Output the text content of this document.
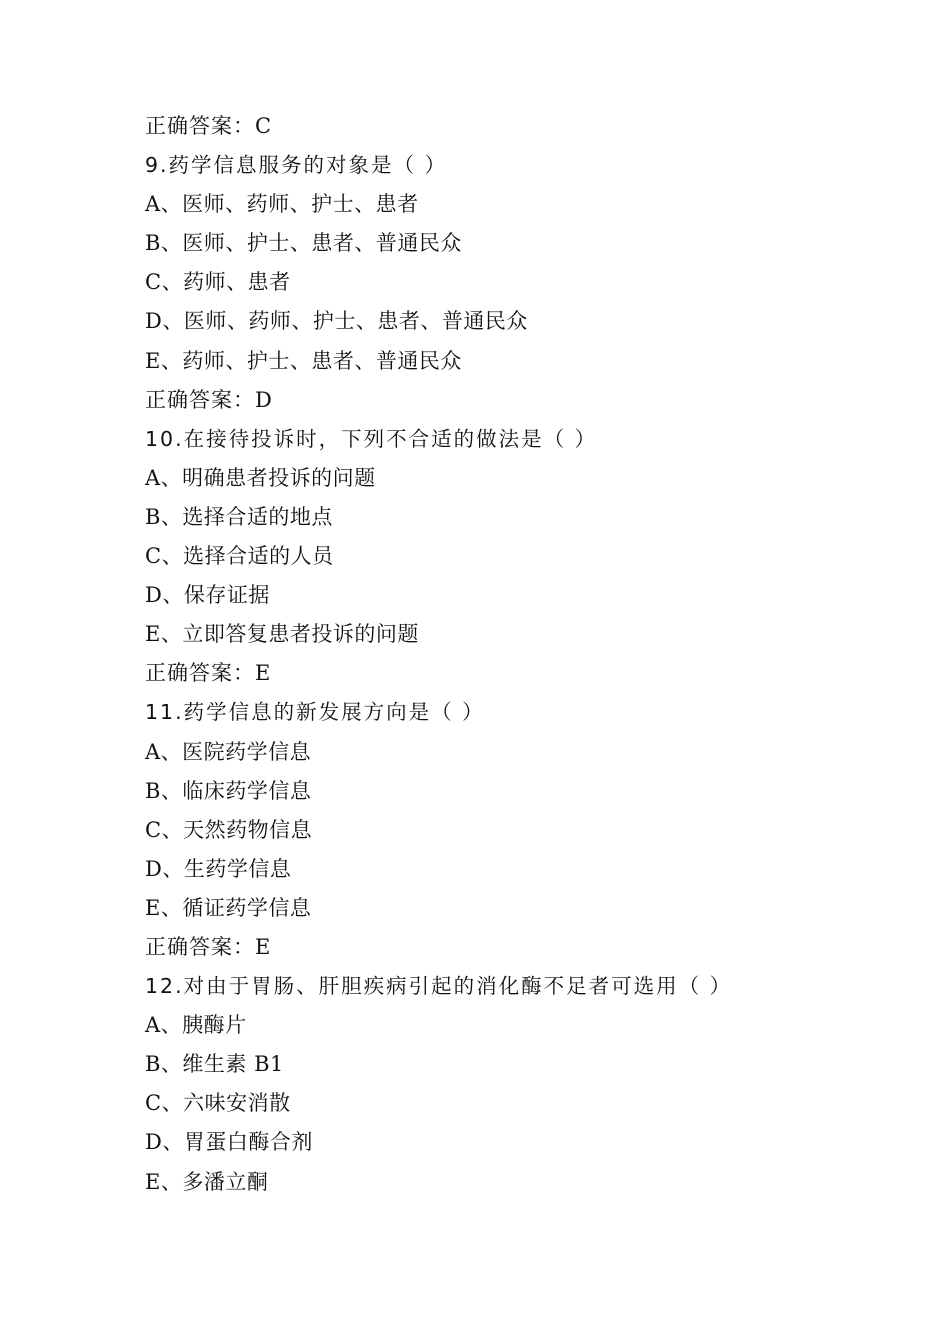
正确答案：C
9.药学信息服务的对象是（ ）
A、医师、药师、护士、患者
B、医师、护士、患者、普通民众
C、药师、患者
D、医师、药师、护士、患者、普通民众
E、药师、护士、患者、普通民众
正确答案：D
10.在接待投诉时，下列不合适的做法是（ ）
A、明确患者投诉的问题
B、选择合适的地点
C、选择合适的人员
D、保存证据
E、立即答复患者投诉的问题
正确答案：E
11.药学信息的新发展方向是（ ）
A、医院药学信息
B、临床药学信息
C、天然药物信息
D、生药学信息
E、循证药学信息
正确答案：E
12.对由于胃肠、肝胆疾病引起的消化酶不足者可选用（ ）
A、胰酶片
B、维生素 B1
C、六味安消散
D、胃蛋白酶合剂
E、多潘立酮
